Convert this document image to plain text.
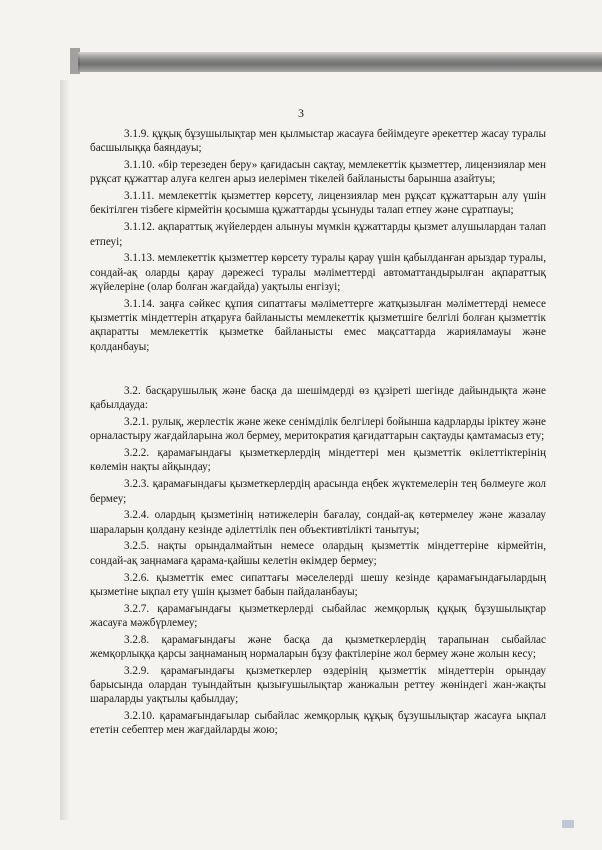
3

3.1.9. құқық бұзушылықтар мен қылмыстар жасауға бейімдеуге әрекеттер жасау туралы басшылыққа баяндауы;

3.1.10. «бір терезеден беру» қағидасын сақтау, мемлекеттік қызметтер, лицензиялар мен рұқсат құжаттар алуға келген арыз иелерімен тікелей байланысты барынша азайтуы;

3.1.11. мемлекеттік қызметтер көрсету, лицензиялар мен рұқсат құжаттарын алу үшін бекітілген тізбеге кірмейтін қосымша құжаттарды ұсынуды талап етпеу және сұратпауы;

3.1.12. ақпараттық жүйелерден алынуы мүмкін құжаттарды қызмет алушылардан талап етпеуі;

3.1.13. мемлекеттік қызметтер көрсету туралы қарау үшін қабылданған арыздар туралы, сондай-ақ оларды қарау дәрежесі туралы мәліметтерді автоматтандырылған ақпараттық жүйелеріне (олар болған жағдайда) уақтылы енгізуі;

3.1.14. заңға сәйкес құпия сипаттағы мәліметтерге жатқызылған мәліметтерді немесе қызметтік міндеттерін атқаруға байланысты мемлекеттік қызметшіге белгілі болған қызметтік ақпаратты мемлекеттік қызметке байланысты емес мақсаттарда жарияламауы және қолданбауы;

3.2. басқарушылық және басқа да шешімдерді өз құзіреті шегінде дайындықта және қабылдауда:

3.2.1. рулық, жерлестік және жеке сенімділік белгілері бойынша кадрларды іріктеу және орналастыру жағдайларына жол бермеу, меритократия қағидаттарын сақтауды қамтамасыз ету;

3.2.2. қарамағындағы қызметкерлердің міндеттері мен қызметтік өкілеттіктерінің көлемін нақты айқындау;

3.2.3. қарамағындағы қызметкерлердің арасында еңбек жүктемелерін тең бөлмеуге жол бермеу;

3.2.4. олардың қызметінің нәтижелерін бағалау, сондай-ақ көтермелеу және жазалау шараларын қолдану кезінде әділеттілік пен объективтілікті танытуы;

3.2.5. нақты орындалмайтын немесе олардың қызметтік міндеттеріне кірмейтін, сондай-ақ заңнамаға қарама-қайшы келетін өкімдер бермеу;

3.2.6. қызметтік емес сипаттағы мәселелерді шешу кезінде қарамағындағылардың қызметіне ықпал ету үшін қызмет бабын пайдаланбауы;

3.2.7. қарамағындағы қызметкерлерді сыбайлас жемқорлық құқық бұзушылықтар жасауға мәжбүрлемеу;

3.2.8. қарамағындағы және басқа да қызметкерлердің тарапынан сыбайлас жемқорлыққа қарсы заңнаманың нормаларын бұзу фактілеріне жол бермеу және жолын кесу;

3.2.9. қарамағындағы қызметкерлер өздерінің қызметтік міндеттерін орындау барысында олардан туындайтын қызығушылықтар жанжалын реттеу жөніндегі жан-жақты шараларды уақтылы қабылдау;

3.2.10. қарамағындағылар сыбайлас жемқорлық құқық бұзушылықтар жасауға ықпал ететін себептер мен жағдайларды жою;
